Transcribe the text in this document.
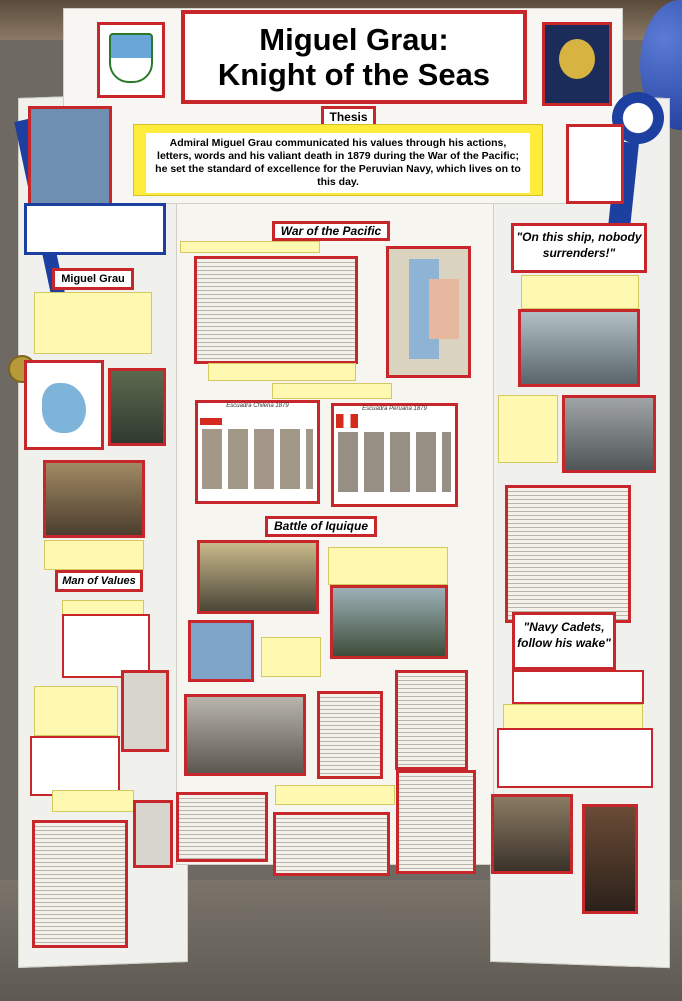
Miguel Grau:
Knight of the Seas
Thesis
Admiral Miguel Grau communicated his values through his actions, letters, words and his valiant death in 1879 during the War of the Pacific; he set the standard of excellence for the Peruvian Navy, which lives on to this day.
War of the Pacific
Battle of Iquique
Escuadra Chilena 1879	Escuadra Peruana 1879
Miguel Grau
Man of Values
"On this ship, nobody surrenders!"
"Navy Cadets, follow his wake"
